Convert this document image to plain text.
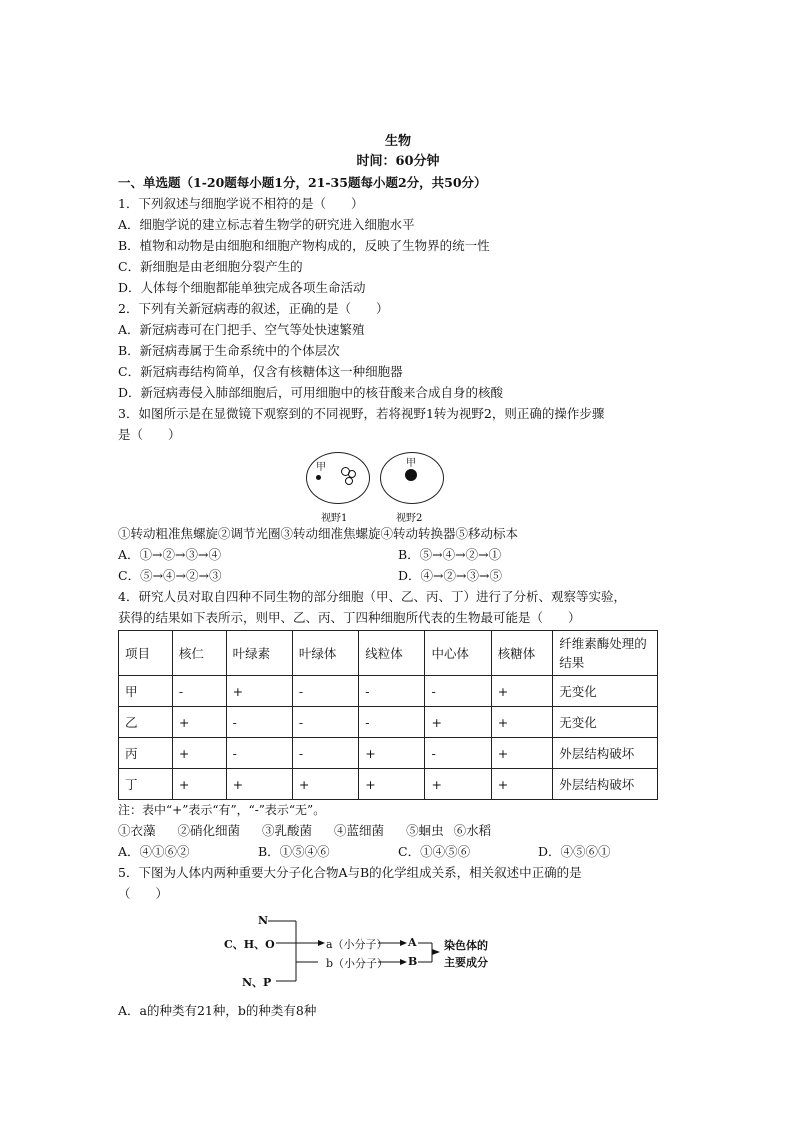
生物
时间：60分钟
一、单选题（1-20题每小题1分，21-35题每小题2分，共50分）
1．下列叙述与细胞学说不相符的是（　　）
A．细胞学说的建立标志着生物学的研究进入细胞水平
B．植物和动物是由细胞和细胞产物构成的，反映了生物界的统一性
C．新细胞是由老细胞分裂产生的
D．人体每个细胞都能单独完成各项生命活动
2．下列有关新冠病毒的叙述，正确的是（　　）
A．新冠病毒可在门把手、空气等处快速繁殖
B．新冠病毒属于生命系统中的个体层次
C．新冠病毒结构简单，仅含有核糖体这一种细胞器
D．新冠病毒侵入肺部细胞后，可用细胞中的核苷酸来合成自身的核酸
3．如图所示是在显微镜下观察到的不同视野，若将视野1转为视野2，则正确的操作步骤
是（　　）
甲	甲
视野1	视野2
①转动粗准焦螺旋②调节光圈③转动细准焦螺旋④转动转换器⑤移动标本
A．①→②→③→④	B．⑤→④→②→①
C．⑤→④→②→③	D．④→②→③→⑤
4．研究人员对取自四种不同生物的部分细胞（甲、乙、丙、丁）进行了分析、观察等实验，
获得的结果如下表所示，则甲、乙、丙、丁四种细胞所代表的生物最可能是（　　）
项目	核仁	叶绿素	叶绿体	线粒体	中心体	核糖体	纤维素酶处理的结果
甲	-	+	-	-	-	+	无变化
乙	+	-	-	-	+	+	无变化
丙	+	-	-	+	-	+	外层结构破坏
丁	+	+	+	+	+	+	外层结构破坏
注：表中“+”表示“有”，“-”表示“无”。
①衣藻 ②硝化细菌 ③乳酸菌 ④蓝细菌 ⑤蛔虫 ⑥水稻
A．④①⑥②	B．①⑤④⑥	C．①④⑤⑥	D．④⑤⑥①
5．下图为人体内两种重要大分子化合物A与B的化学组成关系，相关叙述中正确的是
（　　）
N
C、H、O
N、P
a（小分子）
b（小分子）
A
B
染色体的
主要成分
A．a的种类有21种，b的种类有8种
